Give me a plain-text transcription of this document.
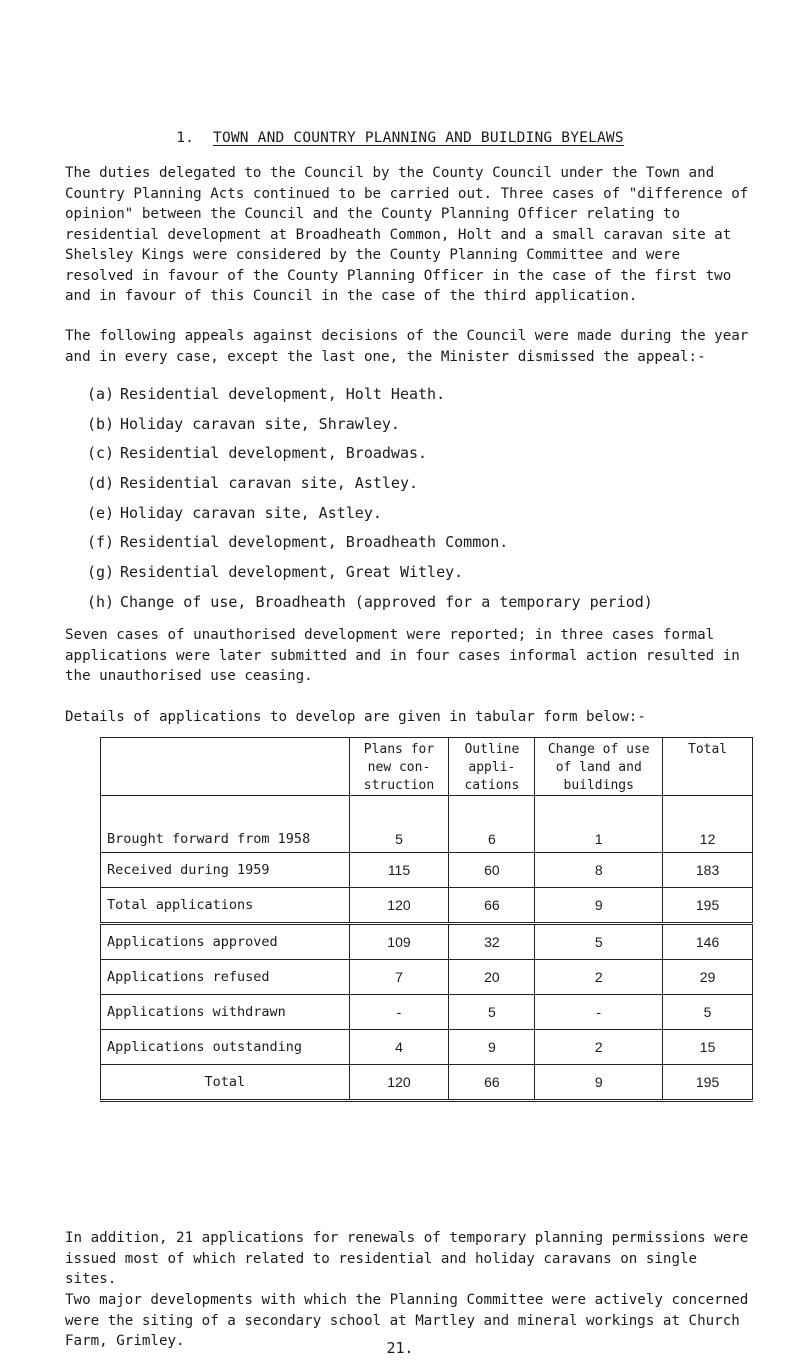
1. TOWN AND COUNTRY PLANNING AND BUILDING BYELAWS

The duties delegated to the Council by the County Council under the Town and Country Planning Acts continued to be carried out. Three cases of "difference of opinion" between the Council and the County Planning Officer relating to residential development at Broadheath Common, Holt and a small caravan site at Shelsley Kings were considered by the County Planning Committee and were resolved in favour of the County Planning Officer in the case of the first two and in favour of this Council in the case of the third application.

The following appeals against decisions of the Council were made during the year and in every case, except the last one, the Minister dismissed the appeal:-

(a) Residential development, Holt Heath.
(b) Holiday caravan site, Shrawley.
(c) Residential development, Broadwas.
(d) Residential caravan site, Astley.
(e) Holiday caravan site, Astley.
(f) Residential development, Broadheath Common.
(g) Residential development, Great Witley.
(h) Change of use, Broadheath (approved for a temporary period)

Seven cases of unauthorised development were reported; in three cases formal applications were later submitted and in four cases informal action resulted in the unauthorised use ceasing.

Details of applications to develop are given in tabular form below:-

	Plans for
new con-
struction	Outline
appli-
cations	Change of use
of land and
buildings	Total
Brought forward from 1958	5	6	1	12
Received during 1959	115	60	8	183
Total applications	120	66	9	195
Applications approved	109	32	5	146
Applications refused	7	20	2	29
Applications withdrawn	-	5	-	5
Applications outstanding	4	9	2	15
Total	120	66	9	195

In addition, 21 applications for renewals of temporary planning permissions were issued most of which related to residential and holiday caravans on single sites.

Two major developments with which the Planning Committee were actively concerned were the siting of a secondary school at Martley and mineral workings at Church Farm, Grimley.	21.
